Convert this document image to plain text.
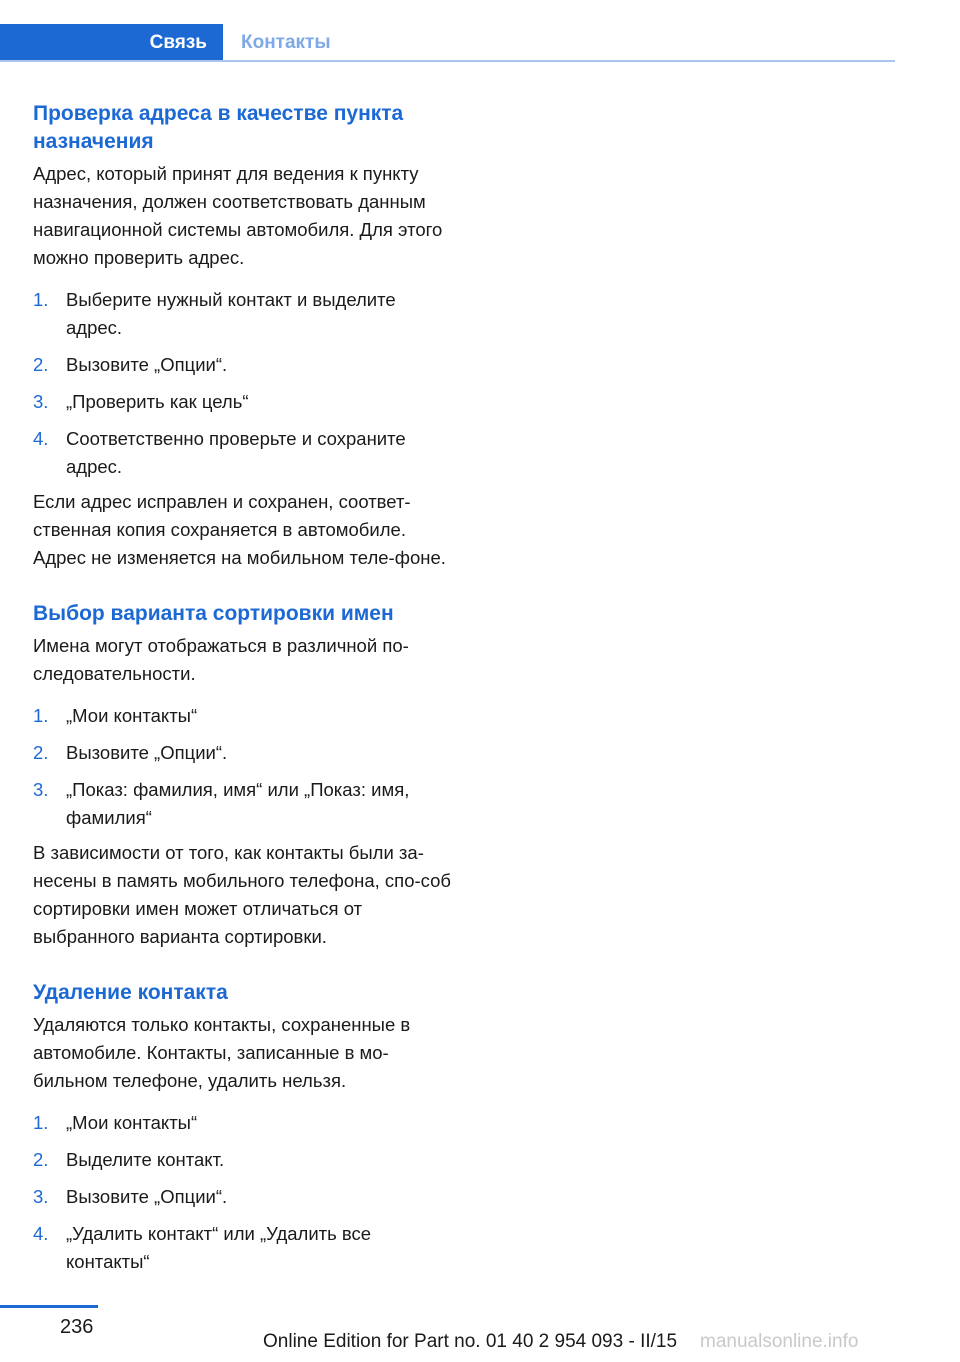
Связь	Контакты
Проверка адреса в качестве пункта назначения

Адрес, который принят для ведения к пункту назначения, должен соответствовать данным навигационной системы автомобиля. Для этого можно проверить адрес.

1. Выберите нужный контакт и выделите адрес.
2. Вызовите „Опции“.
3. „Проверить как цель“
4. Соответственно проверьте и сохраните адрес.

Если адрес исправлен и сохранен, соответ-ственная копия сохраняется в автомобиле. Адрес не изменяется на мобильном теле-фоне.

Выбор варианта сортировки имен

Имена могут отображаться в различной по-следовательности.

1. „Мои контакты“
2. Вызовите „Опции“.
3. „Показ: фамилия, имя“ или „Показ: имя, фамилия“

В зависимости от того, как контакты были за-несены в память мобильного телефона, спо-соб сортировки имен может отличаться от выбранного варианта сортировки.

Удаление контакта

Удаляются только контакты, сохраненные в автомобиле. Контакты, записанные в мо-бильном телефоне, удалить нельзя.

1. „Мои контакты“
2. Выделите контакт.
3. Вызовите „Опции“.
4. „Удалить контакт“ или „Удалить все контакты“
236
Online Edition for Part no. 01 40 2 954 093 - II/15 manualsonline.info
